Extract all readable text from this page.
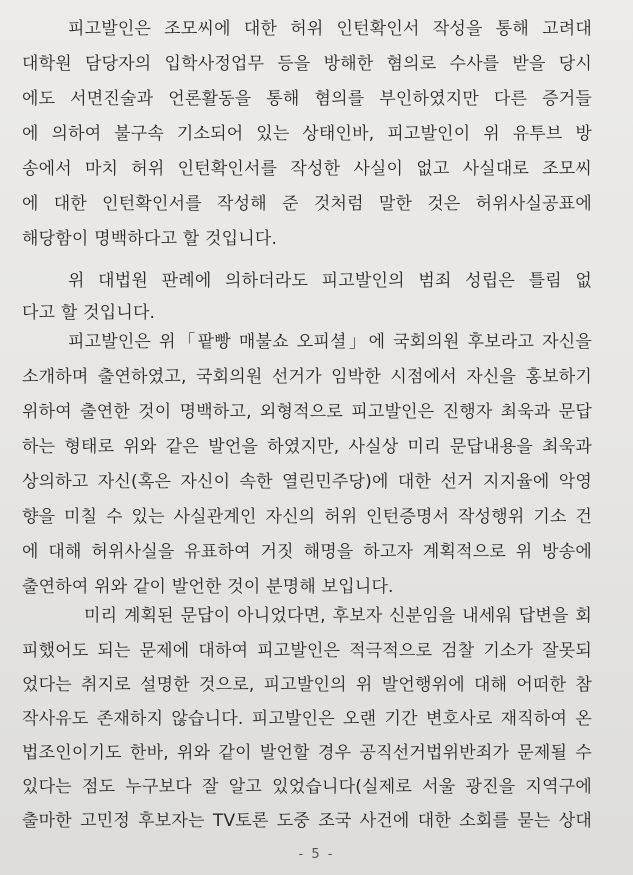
피고발인은 조모씨에 대한 허위 인턴확인서 작성을 통해 고려대
대학원 담당자의 입학사정업무 등을 방해한 혐의로 수사를 받을 당시
에도 서면진술과 언론활동을 통해 혐의를 부인하였지만 다른 증거들
에 의하여 불구속 기소되어 있는 상태인바, 피고발인이 위 유투브 방
송에서 마치 허위 인턴확인서를 작성한 사실이 없고 사실대로 조모씨
에 대한 인턴확인서를 작성해 준 것처럼 말한 것은 허위사실공표에
해당함이 명백하다고 할 것입니다.
위 대법원 판례에 의하더라도 피고발인의 범죄 성립은 틀림 없
다고 할 것입니다.
피고발인은 위「팥빵 매불쇼 오피셜」에 국회의원 후보라고 자신을
소개하며 출연하였고, 국회의원 선거가 임박한 시점에서 자신을 홍보하기
위하여 출연한 것이 명백하고, 외형적으로 피고발인은 진행자 최욱과 문답
하는 형태로 위와 같은 발언을 하였지만, 사실상 미리 문답내용을 최욱과
상의하고 자신(혹은 자신이 속한 열린민주당)에 대한 선거 지지율에 악영
향을 미칠 수 있는 사실관계인 자신의 허위 인턴증명서 작성행위 기소 건
에 대해 허위사실을 유표하여 거짓 해명을 하고자 계획적으로 위 방송에
출연하여 위와 같이 발언한 것이 분명해 보입니다.
미리 계획된 문답이 아니었다면, 후보자 신분임을 내세워 답변을 회
피했어도 되는 문제에 대하여 피고발인은 적극적으로 검찰 기소가 잘못되
었다는 취지로 설명한 것으로, 피고발인의 위 발언행위에 대해 어떠한 참
작사유도 존재하지 않습니다. 피고발인은 오랜 기간 변호사로 재직하여 온
법조인이기도 한바, 위와 같이 발언할 경우 공직선거법위반죄가 문제될 수
있다는 점도 누구보다 잘 알고 있었습니다(실제로 서울 광진을 지역구에
출마한 고민정 후보자는 TV토론 도중 조국 사건에 대한 소회를 묻는 상대
- 5 -
